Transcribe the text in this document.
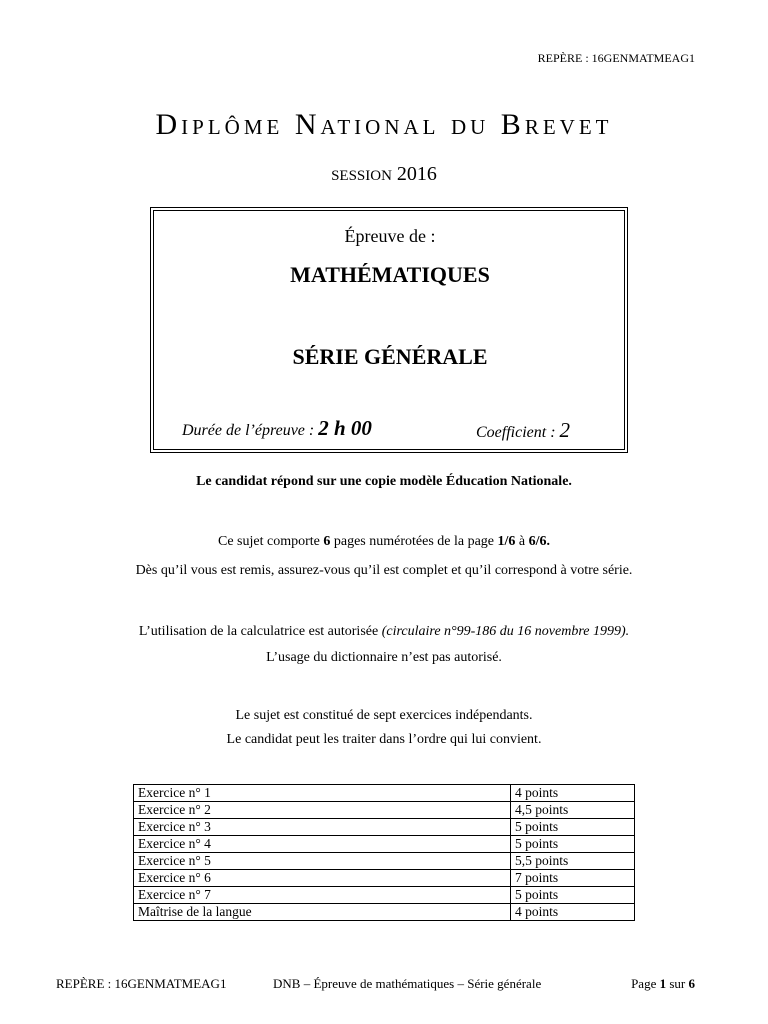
REPÈRE : 16GENMATMEAG1
Diplôme National du Brevet
session 2016
Épreuve de :
MATHÉMATIQUES
SÉRIE GÉNÉRALE
Durée de l’épreuve : 2 h 00	Coefficient : 2
Le candidat répond sur une copie modèle Éducation Nationale.
Ce sujet comporte 6 pages numérotées de la page 1/6 à 6/6.
Dès qu’il vous est remis, assurez-vous qu’il est complet et qu’il correspond à votre série.
L’utilisation de la calculatrice est autorisée (circulaire n°99-186 du 16 novembre 1999).
L’usage du dictionnaire n’est pas autorisé.
Le sujet est constitué de sept exercices indépendants.
Le candidat peut les traiter dans l’ordre qui lui convient.
Exercice n° 1	4 points
Exercice n° 2	4,5 points
Exercice n° 3	5 points
Exercice n° 4	5 points
Exercice n° 5	5,5 points
Exercice n° 6	7 points
Exercice n° 7	5 points
Maîtrise de la langue	4 points
REPÈRE : 16GENMATMEAG1	DNB – Épreuve de mathématiques – Série générale	Page 1 sur 6
